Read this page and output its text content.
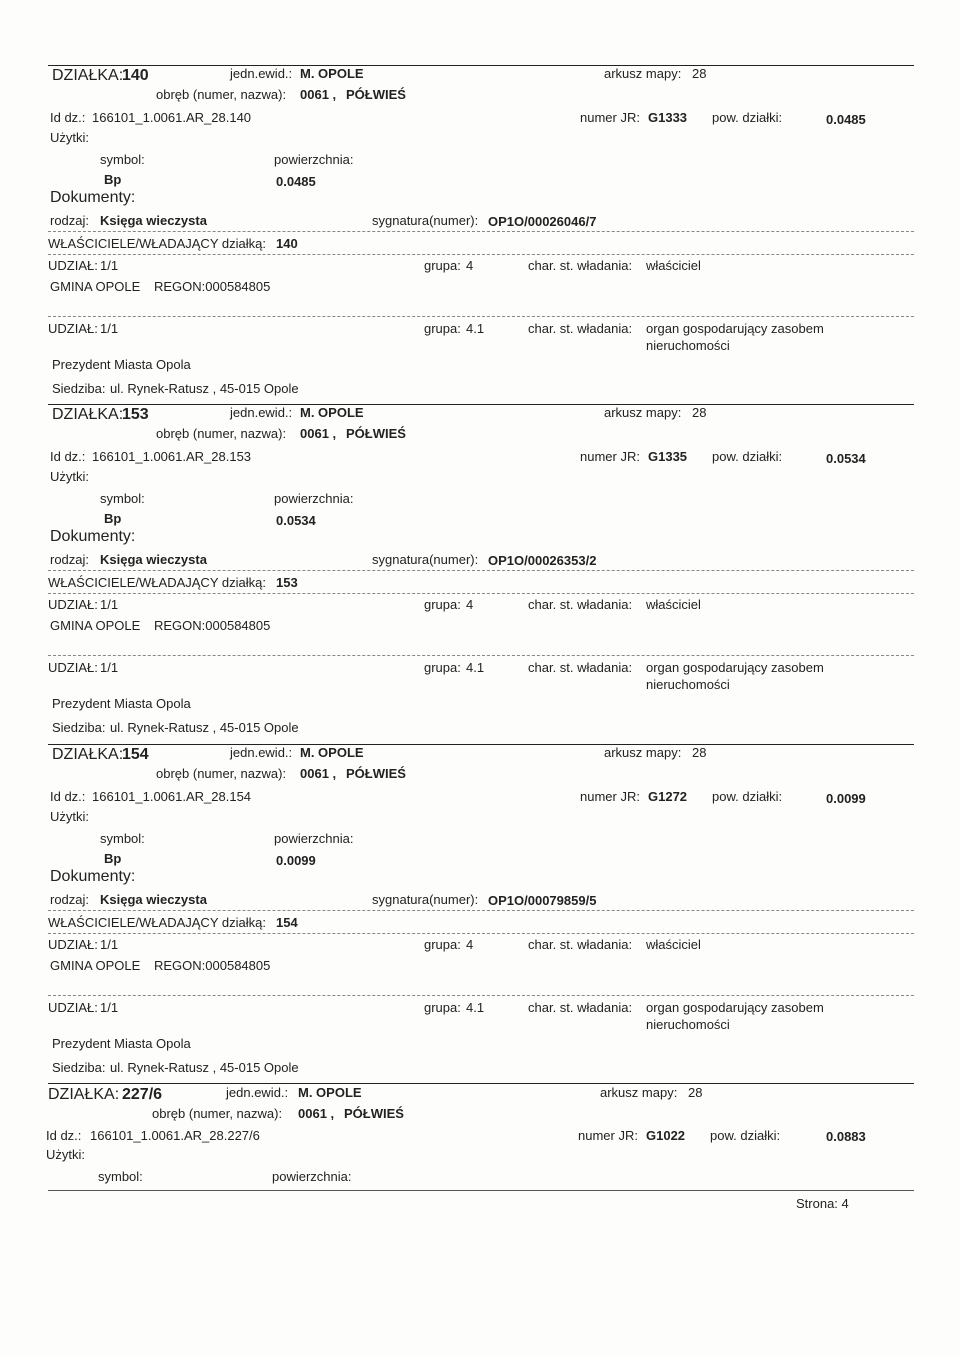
DZIAŁKA:
140	jedn.ewid.: M. OPOLE	arkusz mapy: 28
obręb (numer, nazwa): 0061 , PÓŁWIEŚ
Id dz.: 166101_1.0061.AR_28.140	numer JR: G1333 pow. działki:	0.0485
Użytki:
symbol:	powierzchnia:
Bp	0.0485
Dokumenty:
rodzaj: Księga wieczysta	sygnatura(numer): OP1O/00026046/7
WŁAŚCICIELE/WŁADAJĄCY działką: 140
UDZIAŁ: 1/1	grupa: 4	char. st. władania: właściciel
GMINA OPOLE REGON:000584805
UDZIAŁ: 1/1	grupa: 4.1	char. st. władania: organ gospodarujący zasobem
nieruchomości
Prezydent Miasta Opola
Siedziba: ul. Rynek-Ratusz , 45-015 Opole
DZIAŁKA:
153	jedn.ewid.: M. OPOLE	arkusz mapy: 28
obręb (numer, nazwa): 0061 , PÓŁWIEŚ
Id dz.: 166101_1.0061.AR_28.153	numer JR: G1335 pow. działki:	0.0534
Użytki:
symbol:	powierzchnia:
Bp	0.0534
Dokumenty:
rodzaj: Księga wieczysta	sygnatura(numer): OP1O/00026353/2
WŁAŚCICIELE/WŁADAJĄCY działką: 153
UDZIAŁ: 1/1	grupa: 4	char. st. władania: właściciel
GMINA OPOLE REGON:000584805
UDZIAŁ: 1/1	grupa: 4.1	char. st. władania: organ gospodarujący zasobem
nieruchomości
Prezydent Miasta Opola
Siedziba: ul. Rynek-Ratusz , 45-015 Opole
DZIAŁKA:
154	jedn.ewid.: M. OPOLE	arkusz mapy: 28
obręb (numer, nazwa): 0061 , PÓŁWIEŚ
Id dz.: 166101_1.0061.AR_28.154	numer JR: G1272 pow. działki:	0.0099
Użytki:
symbol:	powierzchnia:
Bp	0.0099
Dokumenty:
rodzaj: Księga wieczysta	sygnatura(numer): OP1O/00079859/5
WŁAŚCICIELE/WŁADAJĄCY działką: 154
UDZIAŁ: 1/1	grupa: 4	char. st. władania: właściciel
GMINA OPOLE REGON:000584805
UDZIAŁ: 1/1	grupa: 4.1	char. st. władania: organ gospodarujący zasobem
nieruchomości
Prezydent Miasta Opola
Siedziba: ul. Rynek-Ratusz , 45-015 Opole
DZIAŁKA: 227/6	jedn.ewid.: M. OPOLE	arkusz mapy: 28
obręb (numer, nazwa): 0061 , PÓŁWIEŚ
Id dz.: 166101_1.0061.AR_28.227/6	numer JR: G1022 pow. działki:	0.0883
Użytki:
symbol:	powierzchnia:
Strona: 4
